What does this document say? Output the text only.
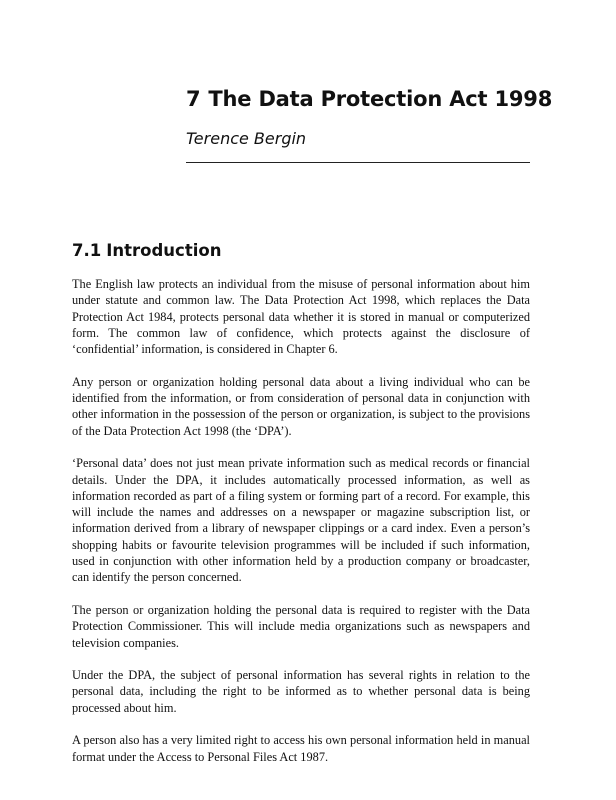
7 The Data Protection Act 1998

Terence Bergin

7.1 Introduction

The English law protects an individual from the misuse of personal information about him under statute and common law. The Data Protection Act 1998, which replaces the Data Protection Act 1984, protects personal data whether it is stored in manual or computerized form. The common law of confidence, which protects against the disclosure of ‘confidential’ information, is considered in Chapter 6.

Any person or organization holding personal data about a living individual who can be identified from the information, or from consideration of personal data in conjunction with other information in the possession of the person or organization, is subject to the provisions of the Data Protection Act 1998 (the ‘DPA’).

‘Personal data’ does not just mean private information such as medical records or financial details. Under the DPA, it includes automatically processed information, as well as information recorded as part of a filing system or forming part of a record. For example, this will include the names and addresses on a newspaper or magazine subscription list, or information derived from a library of newspaper clippings or a card index. Even a person’s shopping habits or favourite television programmes will be included if such information, used in conjunction with other information held by a production company or broadcaster, can identify the person concerned.

The person or organization holding the personal data is required to register with the Data Protection Commissioner. This will include media organizations such as newspapers and television companies.

Under the DPA, the subject of personal information has several rights in relation to the personal data, including the right to be informed as to whether personal data is being processed about him.

A person also has a very limited right to access his own personal information held in manual format under the Access to Personal Files Act 1987.
